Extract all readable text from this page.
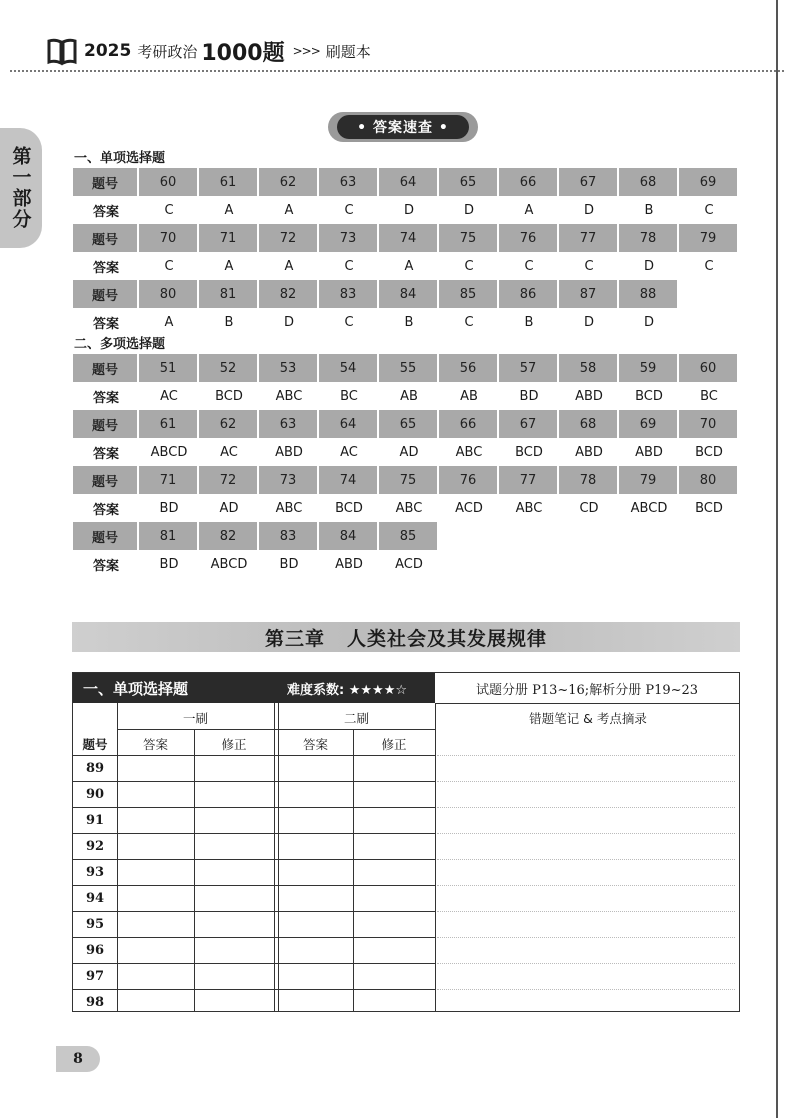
2025 考研政治 1000题 >>> 刷题本
第一部分
• 答案速查 •
一、单项选择题
题号	60	61	62	63	64	65	66	67	68	69
答案	C	A	A	C	D	D	A	D	B	C
题号	70	71	72	73	74	75	76	77	78	79
答案	C	A	A	C	A	C	C	C	D	C
题号	80	81	82	83	84	85	86	87	88
答案	A	B	D	C	B	C	B	D	D
二、多项选择题
题号	51	52	53	54	55	56	57	58	59	60
答案	AC	BCD	ABC	BC	AB	AB	BD	ABD	BCD	BC
题号	61	62	63	64	65	66	67	68	69	70
答案	ABCD	AC	ABD	AC	AD	ABC	BCD	ABD	ABD	BCD
题号	71	72	73	74	75	76	77	78	79	80
答案	BD	AD	ABC	BCD	ABC	ACD	ABC	CD	ABCD	BCD
题号	81	82	83	84	85
答案	BD	ABCD	BD	ABD	ACD
第三章 人类社会及其发展规律
一、单项选择题	难度系数: ★★★★☆	试题分册 P13~16;解析分册 P19~23
一刷	二刷	错题笔记 & 考点摘录
题号	答案	修正	答案	修正
89
90
91
92
93
94
95
96
97
98
8
